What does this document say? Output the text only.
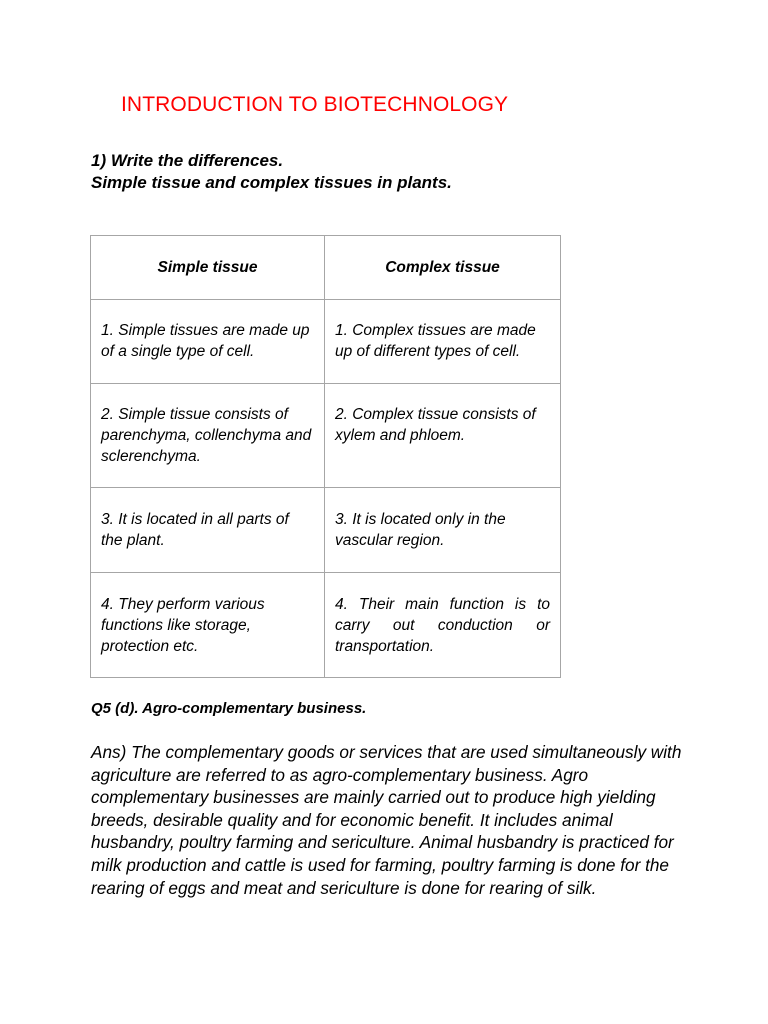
INTRODUCTION TO BIOTECHNOLOGY
1) Write the differences.
Simple tissue and complex tissues in plants.
Simple tissue	Complex tissue
1. Simple tissues are made up of a single type of cell.	1. Complex tissues are made up of different types of cell.
2. Simple tissue consists of parenchyma, collenchyma and sclerenchyma.	2. Complex tissue consists of xylem and phloem.
3. It is located in all parts of the plant.	3. It is located only in the vascular region.
4. They perform various functions like storage, protection etc.	4. Their main function is to carry out conduction or transportation.

Q5 (d). Agro-complementary business.

Ans) The complementary goods or services that are used simultaneously with agriculture are referred to as agro-complementary business. Agro complementary businesses are mainly carried out to produce high yielding breeds, desirable quality and for economic benefit. It includes animal husbandry, poultry farming and sericulture. Animal husbandry is practiced for milk production and cattle is used for farming, poultry farming is done for the rearing of eggs and meat and sericulture is done for rearing of silk.
